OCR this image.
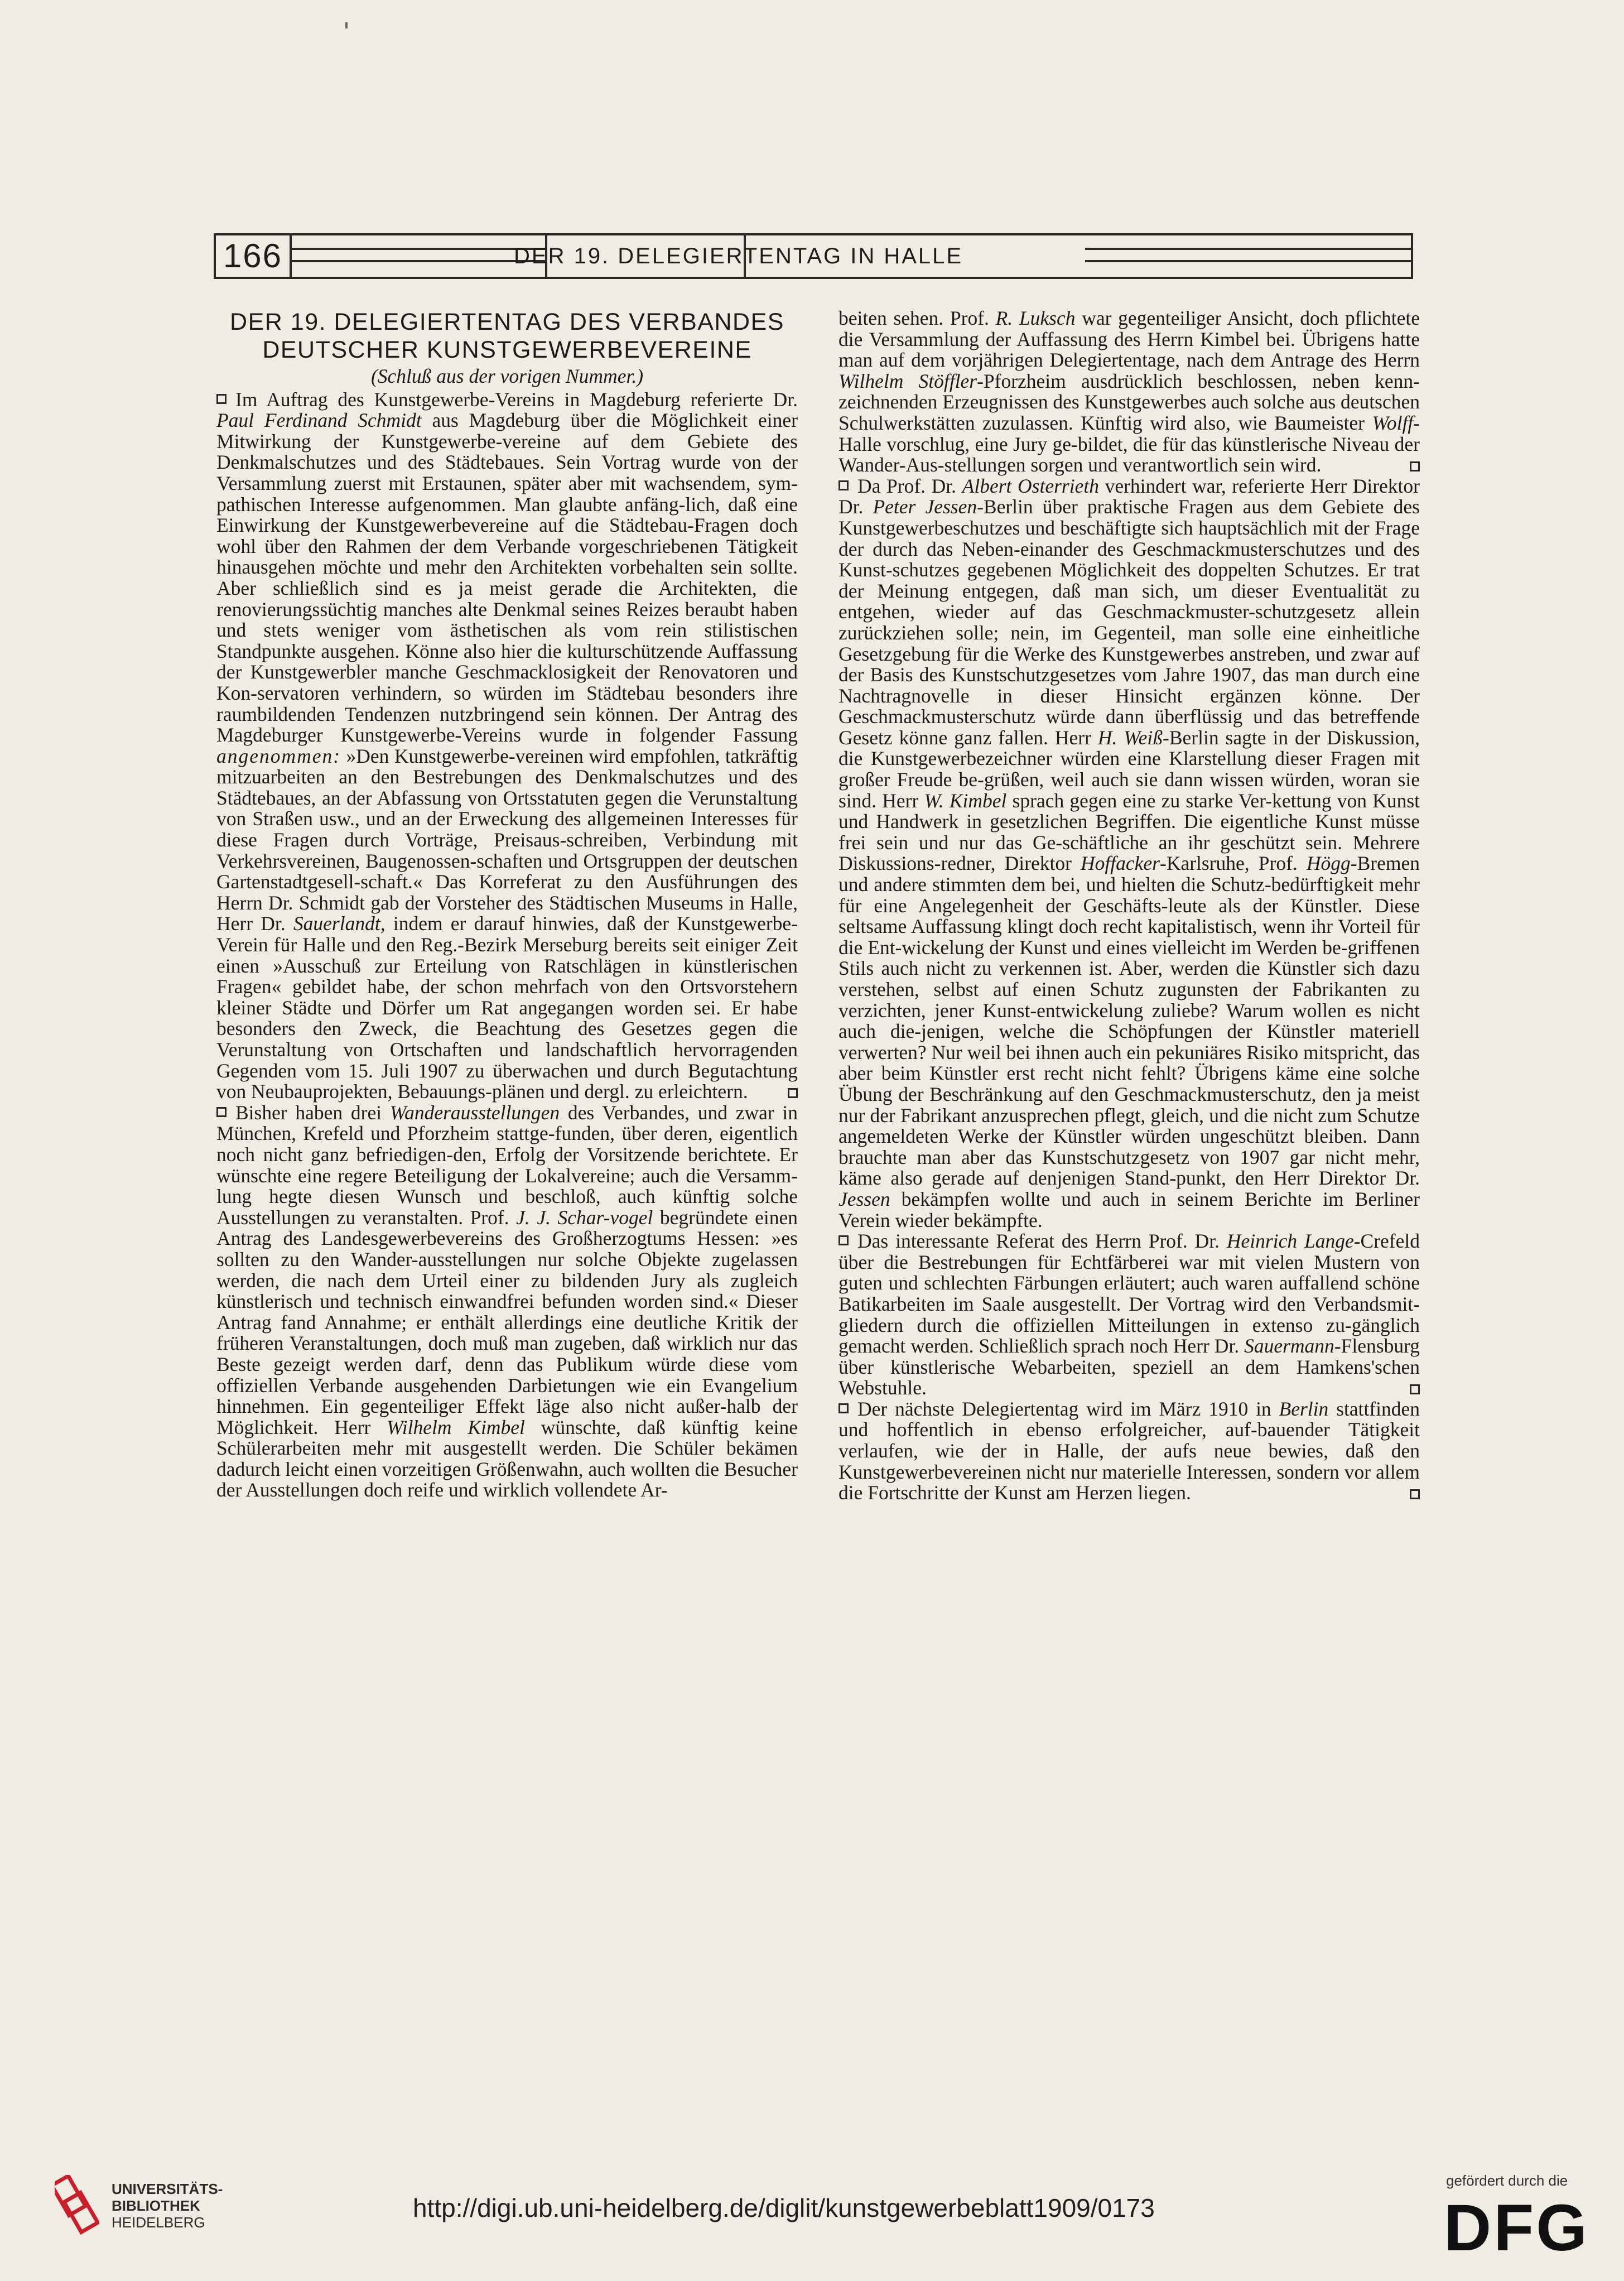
166	DER 19. DELEGIERTENTAG IN HALLE
DER 19. DELEGIERTENTAG DES VERBANDES DEUTSCHER KUNSTGEWERBEVEREINE
(Schluß aus der vorigen Nummer.)

Im Auftrag des Kunstgewerbe-Vereins in Magdeburg referierte Dr. Paul Ferdinand Schmidt aus Magdeburg über die Möglichkeit einer Mitwirkung der Kunstgewerbe-vereine auf dem Gebiete des Denkmalschutzes und des Städtebaues. Sein Vortrag wurde von der Versammlung zuerst mit Erstaunen, später aber mit wachsendem, sym-pathischen Interesse aufgenommen. Man glaubte anfäng-lich, daß eine Einwirkung der Kunstgewerbevereine auf die Städtebau-Fragen doch wohl über den Rahmen der dem Verbande vorgeschriebenen Tätigkeit hinausgehen möchte und mehr den Architekten vorbehalten sein sollte. Aber schließlich sind es ja meist gerade die Architekten, die renovierungssüchtig manches alte Denkmal seines Reizes beraubt haben und stets weniger vom ästhetischen als vom rein stilistischen Standpunkte ausgehen. Könne also hier die kulturschützende Auffassung der Kunstgewerbler manche Geschmacklosigkeit der Renovatoren und Kon-servatoren verhindern, so würden im Städtebau besonders ihre raumbildenden Tendenzen nutzbringend sein können. Der Antrag des Magdeburger Kunstgewerbe-Vereins wurde in folgender Fassung angenommen: »Den Kunstgewerbe-vereinen wird empfohlen, tatkräftig mitzuarbeiten an den Bestrebungen des Denkmalschutzes und des Städtebaues, an der Abfassung von Ortsstatuten gegen die Verunstaltung von Straßen usw., und an der Erweckung des allgemeinen Interesses für diese Fragen durch Vorträge, Preisaus-schreiben, Verbindung mit Verkehrsvereinen, Baugenossen-schaften und Ortsgruppen der deutschen Gartenstadtgesell-schaft.« Das Korreferat zu den Ausführungen des Herrn Dr. Schmidt gab der Vorsteher des Städtischen Museums in Halle, Herr Dr. Sauerlandt, indem er darauf hinwies, daß der Kunstgewerbe-Verein für Halle und den Reg.-Bezirk Merseburg bereits seit einiger Zeit einen »Ausschuß zur Erteilung von Ratschlägen in künstlerischen Fragen« gebildet habe, der schon mehrfach von den Ortsvorstehern kleiner Städte und Dörfer um Rat angegangen worden sei. Er habe besonders den Zweck, die Beachtung des Gesetzes gegen die Verunstaltung von Ortschaften und landschaftlich hervorragenden Gegenden vom 15. Juli 1907 zu überwachen und durch Begutachtung von Neubauprojekten, Bebauungs-plänen und dergl. zu erleichtern.

Bisher haben drei Wanderausstellungen des Verbandes, und zwar in München, Krefeld und Pforzheim stattge-funden, über deren, eigentlich noch nicht ganz befriedigen-den, Erfolg der Vorsitzende berichtete. Er wünschte eine regere Beteiligung der Lokalvereine; auch die Versamm-lung hegte diesen Wunsch und beschloß, auch künftig solche Ausstellungen zu veranstalten. Prof. J. J. Schar-vogel begründete einen Antrag des Landesgewerbevereins des Großherzogtums Hessen: »es sollten zu den Wander-ausstellungen nur solche Objekte zugelassen werden, die nach dem Urteil einer zu bildenden Jury als zugleich künstlerisch und technisch einwandfrei befunden worden sind.« Dieser Antrag fand Annahme; er enthält allerdings eine deutliche Kritik der früheren Veranstaltungen, doch muß man zugeben, daß wirklich nur das Beste gezeigt werden darf, denn das Publikum würde diese vom offiziellen Verbande ausgehenden Darbietungen wie ein Evangelium hinnehmen. Ein gegenteiliger Effekt läge also nicht außer-halb der Möglichkeit. Herr Wilhelm Kimbel wünschte, daß künftig keine Schülerarbeiten mehr mit ausgestellt werden. Die Schüler bekämen dadurch leicht einen vorzeitigen Größenwahn, auch wollten die Besucher der Ausstellungen doch reife und wirklich vollendete Ar-

beiten sehen. Prof. R. Luksch war gegenteiliger Ansicht, doch pflichtete die Versammlung der Auffassung des Herrn Kimbel bei. Übrigens hatte man auf dem vorjährigen Delegiertentage, nach dem Antrage des Herrn Wilhelm Stöffler-Pforzheim ausdrücklich beschlossen, neben kenn-zeichnenden Erzeugnissen des Kunstgewerbes auch solche aus deutschen Schulwerkstätten zuzulassen. Künftig wird also, wie Baumeister Wolff-Halle vorschlug, eine Jury ge-bildet, die für das künstlerische Niveau der Wander-Aus-stellungen sorgen und verantwortlich sein wird.

Da Prof. Dr. Albert Osterrieth verhindert war, referierte Herr Direktor Dr. Peter Jessen-Berlin über praktische Fragen aus dem Gebiete des Kunstgewerbeschutzes und beschäftigte sich hauptsächlich mit der Frage der durch das Neben-einander des Geschmackmusterschutzes und des Kunst-schutzes gegebenen Möglichkeit des doppelten Schutzes. Er trat der Meinung entgegen, daß man sich, um dieser Eventualität zu entgehen, wieder auf das Geschmackmuster-schutzgesetz allein zurückziehen solle; nein, im Gegenteil, man solle eine einheitliche Gesetzgebung für die Werke des Kunstgewerbes anstreben, und zwar auf der Basis des Kunstschutzgesetzes vom Jahre 1907, das man durch eine Nachtragnovelle in dieser Hinsicht ergänzen könne. Der Geschmackmusterschutz würde dann überflüssig und das betreffende Gesetz könne ganz fallen. Herr H. Weiß-Berlin sagte in der Diskussion, die Kunstgewerbezeichner würden eine Klarstellung dieser Fragen mit großer Freude be-grüßen, weil auch sie dann wissen würden, woran sie sind. Herr W. Kimbel sprach gegen eine zu starke Ver-kettung von Kunst und Handwerk in gesetzlichen Begriffen. Die eigentliche Kunst müsse frei sein und nur das Ge-schäftliche an ihr geschützt sein. Mehrere Diskussions-redner, Direktor Hoffacker-Karlsruhe, Prof. Högg-Bremen und andere stimmten dem bei, und hielten die Schutz-bedürftigkeit mehr für eine Angelegenheit der Geschäfts-leute als der Künstler. Diese seltsame Auffassung klingt doch recht kapitalistisch, wenn ihr Vorteil für die Ent-wickelung der Kunst und eines vielleicht im Werden be-griffenen Stils auch nicht zu verkennen ist. Aber, werden die Künstler sich dazu verstehen, selbst auf einen Schutz zugunsten der Fabrikanten zu verzichten, jener Kunst-entwickelung zuliebe? Warum wollen es nicht auch die-jenigen, welche die Schöpfungen der Künstler materiell verwerten? Nur weil bei ihnen auch ein pekuniäres Risiko mitspricht, das aber beim Künstler erst recht nicht fehlt? Übrigens käme eine solche Übung der Beschränkung auf den Geschmackmusterschutz, den ja meist nur der Fabrikant anzusprechen pflegt, gleich, und die nicht zum Schutze angemeldeten Werke der Künstler würden ungeschützt bleiben. Dann brauchte man aber das Kunstschutzgesetz von 1907 gar nicht mehr, käme also gerade auf denjenigen Stand-punkt, den Herr Direktor Dr. Jessen bekämpfen wollte und auch in seinem Berichte im Berliner Verein wieder bekämpfte.

Das interessante Referat des Herrn Prof. Dr. Heinrich Lange-Crefeld über die Bestrebungen für Echtfärberei war mit vielen Mustern von guten und schlechten Färbungen erläutert; auch waren auffallend schöne Batikarbeiten im Saale ausgestellt. Der Vortrag wird den Verbandsmit-gliedern durch die offiziellen Mitteilungen in extenso zu-gänglich gemacht werden. Schließlich sprach noch Herr Dr. Sauermann-Flensburg über künstlerische Webarbeiten, speziell an dem Hamkens'schen Webstuhle.

Der nächste Delegiertentag wird im März 1910 in Berlin stattfinden und hoffentlich in ebenso erfolgreicher, auf-bauender Tätigkeit verlaufen, wie der in Halle, der aufs neue bewies, daß den Kunstgewerbevereinen nicht nur materielle Interessen, sondern vor allem die Fortschritte der Kunst am Herzen liegen.

UNIVERSITÄTS-
BIBLIOTHEK
HEIDELBERG	http://digi.ub.uni-heidelberg.de/diglit/kunstgewerbeblatt1909/0173
gefördert durch die
DFG
